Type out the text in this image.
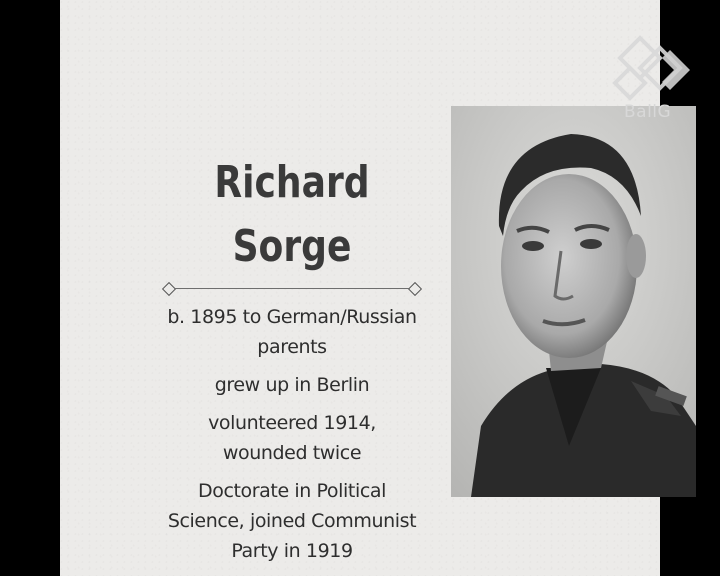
Richard
Sorge
b. 1895 to German/Russian parents
grew up in Berlin
volunteered 1914, wounded twice
Doctorate in Political Science, joined Communist Party in 1919
BallG
